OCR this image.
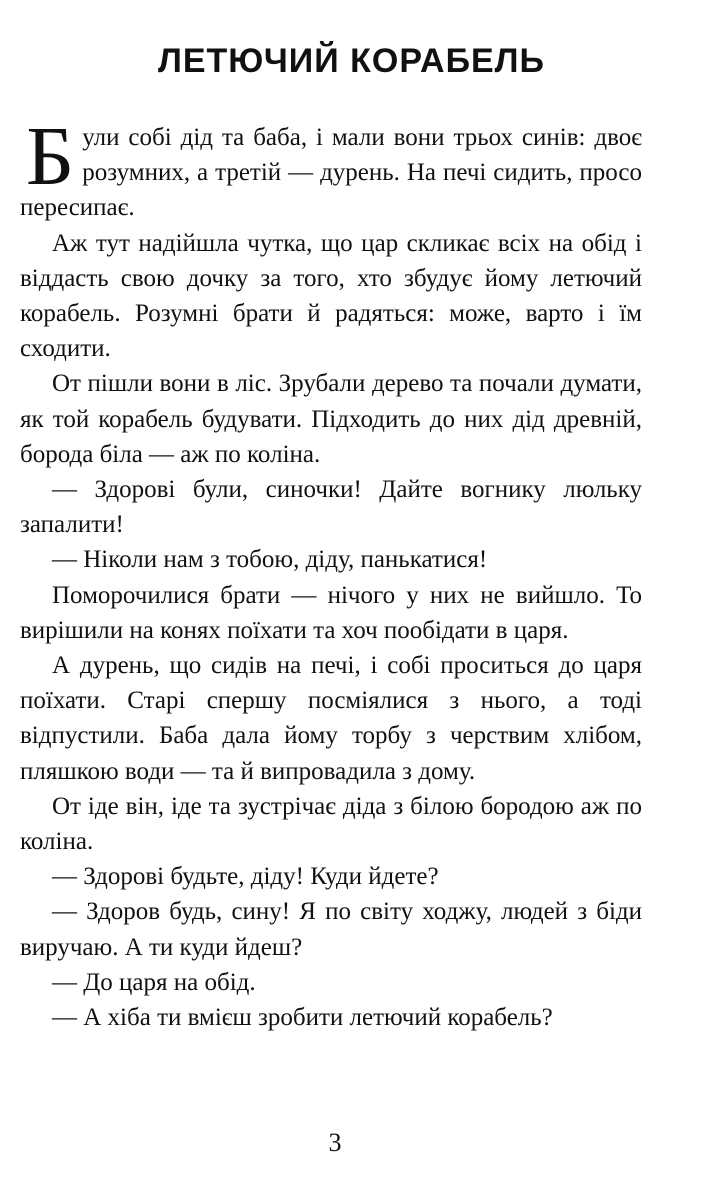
ЛЕТЮЧИЙ КОРАБЕЛЬ

Були собі дід та баба, і мали вони трьох синів: двоє розумних, а третій — дурень. На печі сидить, просо пересипає.

Аж тут надійшла чутка, що цар скликає всіх на обід і віддасть свою дочку за того, хто збудує йому летючий корабель. Розумні брати й радяться: може, варто і їм сходити.

От пішли вони в ліс. Зрубали дерево та почали думати, як той корабель будувати. Підходить до них дід древній, борода біла — аж по коліна.

— Здорові були, синочки! Дайте вогнику люльку запалити!

— Ніколи нам з тобою, діду, панькатися!

Поморочилися брати — нічого у них не вийшло. То вирішили на конях поїхати та хоч пообідати в царя.

А дурень, що сидів на печі, і собі проситься до царя поїхати. Старі спершу посміялися з нього, а тоді відпустили. Баба дала йому торбу з черствим хлібом, пляшкою води — та й випровадила з дому.

От іде він, іде та зустрічає діда з білою бородою аж по коліна.

— Здорові будьте, діду! Куди йдете?

— Здоров будь, сину! Я по світу ходжу, людей з біди виручаю. А ти куди йдеш?

— До царя на обід.

— А хіба ти вмієш зробити летючий корабель?

3
